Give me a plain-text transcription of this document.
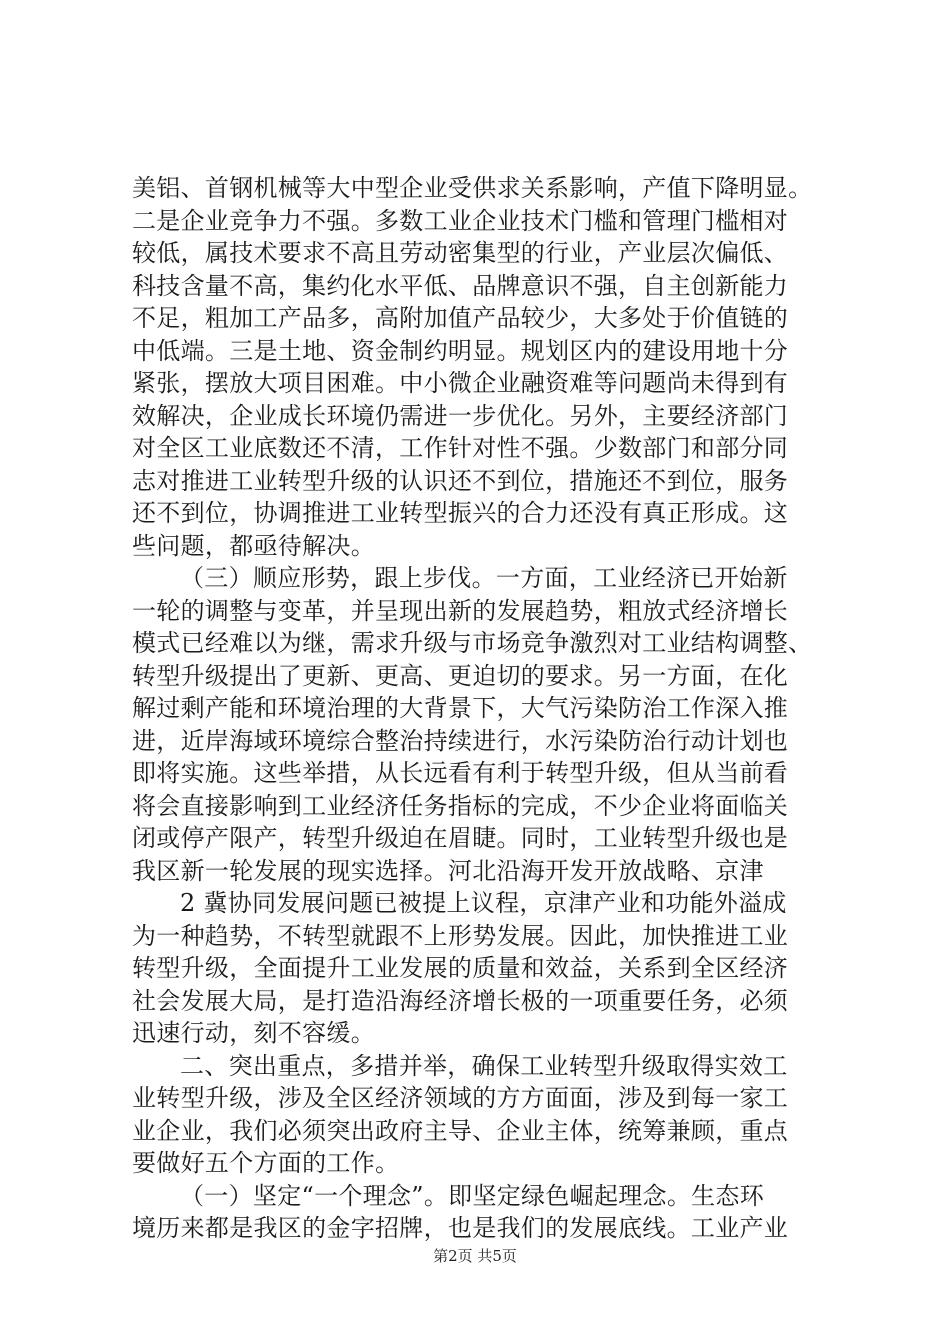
美铝、首钢机械等大中型企业受供求关系影响，产值下降明显。
二是企业竞争力不强。多数工业企业技术门槛和管理门槛相对
较低，属技术要求不高且劳动密集型的行业，产业层次偏低、
科技含量不高，集约化水平低、品牌意识不强，自主创新能力
不足，粗加工产品多，高附加值产品较少，大多处于价值链的
中低端。三是土地、资金制约明显。规划区内的建设用地十分
紧张，摆放大项目困难。中小微企业融资难等问题尚未得到有
效解决，企业成长环境仍需进一步优化。另外，主要经济部门
对全区工业底数还不清，工作针对性不强。少数部门和部分同
志对推进工业转型升级的认识还不到位，措施还不到位，服务
还不到位，协调推进工业转型振兴的合力还没有真正形成。这
些问题，都亟待解决。
（三）顺应形势，跟上步伐。一方面，工业经济已开始新
一轮的调整与变革，并呈现出新的发展趋势，粗放式经济增长
模式已经难以为继，需求升级与市场竞争激烈对工业结构调整、
转型升级提出了更新、更高、更迫切的要求。另一方面，在化
解过剩产能和环境治理的大背景下，大气污染防治工作深入推
进，近岸海域环境综合整治持续进行，水污染防治行动计划也
即将实施。这些举措，从长远看有利于转型升级，但从当前看
将会直接影响到工业经济任务指标的完成，不少企业将面临关
闭或停产限产，转型升级迫在眉睫。同时，工业转型升级也是
我区新一轮发展的现实选择。河北沿海开发开放战略、京津
2 冀协同发展问题已被提上议程，京津产业和功能外溢成
为一种趋势，不转型就跟不上形势发展。因此，加快推进工业
转型升级，全面提升工业发展的质量和效益，关系到全区经济
社会发展大局，是打造沿海经济增长极的一项重要任务，必须
迅速行动，刻不容缓。
二、突出重点，多措并举，确保工业转型升级取得实效工
业转型升级，涉及全区经济领域的方方面面，涉及到每一家工
业企业，我们必须突出政府主导、企业主体，统筹兼顾，重点
要做好五个方面的工作。
（一）坚定“一个理念”。即坚定绿色崛起理念。生态环
境历来都是我区的金字招牌，也是我们的发展底线。工业产业
第2页 共5页
